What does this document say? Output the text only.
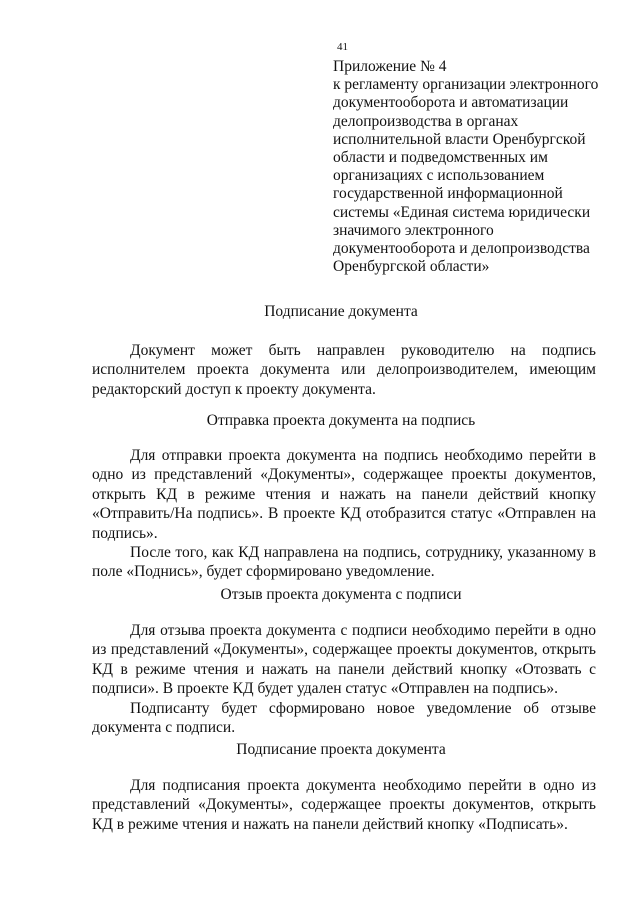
41
Приложение № 4
к регламенту организации электронного документооборота и автоматизации делопроизводства в органах исполнительной власти Оренбургской области и подведомственных им организациях с использованием государственной информационной системы «Единая система юридически значимого электронного документооборота и делопроизводства Оренбургской области»
Подписание документа

Документ может быть направлен руководителю на подпись исполнителем проекта документа или делопроизводителем, имеющим редакторский доступ к проекту документа.

Отправка проекта документа на подпись

Для отправки проекта документа на подпись необходимо перейти в одно из представлений «Документы», содержащее проекты документов, открыть КД в режиме чтения и нажать на панели действий кнопку «Отправить/На подпись». В проекте КД отобразится статус «Отправлен на подпись».

После того, как КД направлена на подпись, сотруднику, указанному в поле «Поднись», будет сформировано уведомление.

Отзыв проекта документа с подписи

Для отзыва проекта документа с подписи необходимо перейти в одно из представлений «Документы», содержащее проекты документов, открыть КД в режиме чтения и нажать на панели действий кнопку «Отозвать с подписи». В проекте КД будет удален статус «Отправлен на подпись».

Подписанту будет сформировано новое уведомление об отзыве документа с подписи.

Подписание проекта документа

Для подписания проекта документа необходимо перейти в одно из представлений «Документы», содержащее проекты документов, открыть КД в режиме чтения и нажать на панели действий кнопку «Подписать».
